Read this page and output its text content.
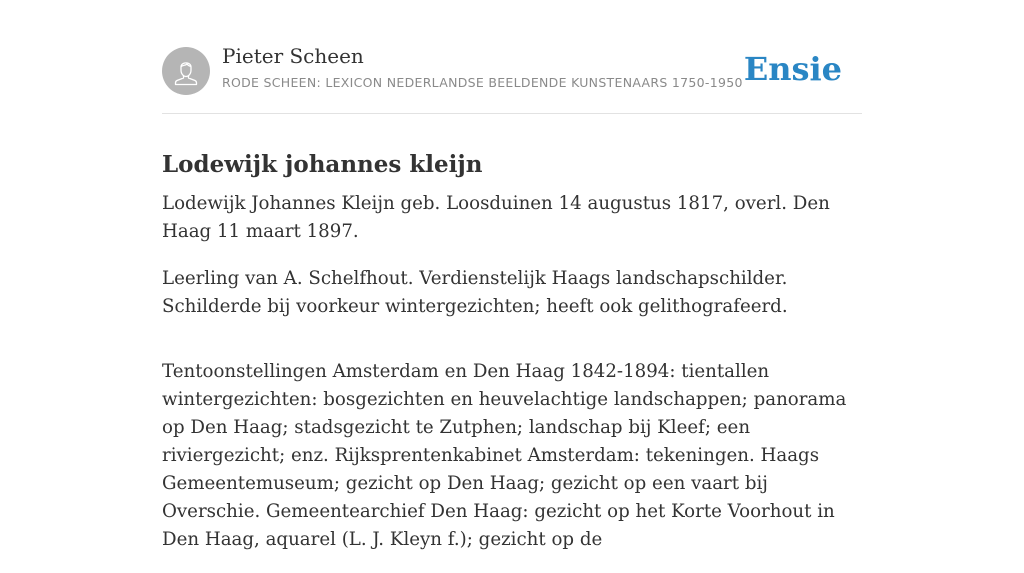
Pieter Scheen
RODE SCHEEN: LEXICON NEDERLANDSE BEELDENDE KUNSTENAARS 1750-1950 Ensie
Lodewijk johannes kleijn

Lodewijk Johannes Kleijn geb. Loosduinen 14 augustus 1817, overl. Den Haag 11 maart 1897.

Leerling van A. Schelfhout. Verdienstelijk Haags landschapschilder. Schilderde bij voorkeur wintergezichten; heeft ook gelithografeerd.

Tentoonstellingen Amsterdam en Den Haag 1842-1894: tientallen wintergezichten: bosgezichten en heuvelachtige landschappen; panorama op Den Haag; stadsgezicht te Zutphen; landschap bij Kleef; een riviergezicht; enz. Rijksprentenkabinet Amsterdam: tekeningen. Haags Gemeentemuseum; gezicht op Den Haag; gezicht op een vaart bij Overschie. Gemeentearchief Den Haag: gezicht op het Korte Voorhout in Den Haag, aquarel (L. J. Kleyn f.); gezicht op de
